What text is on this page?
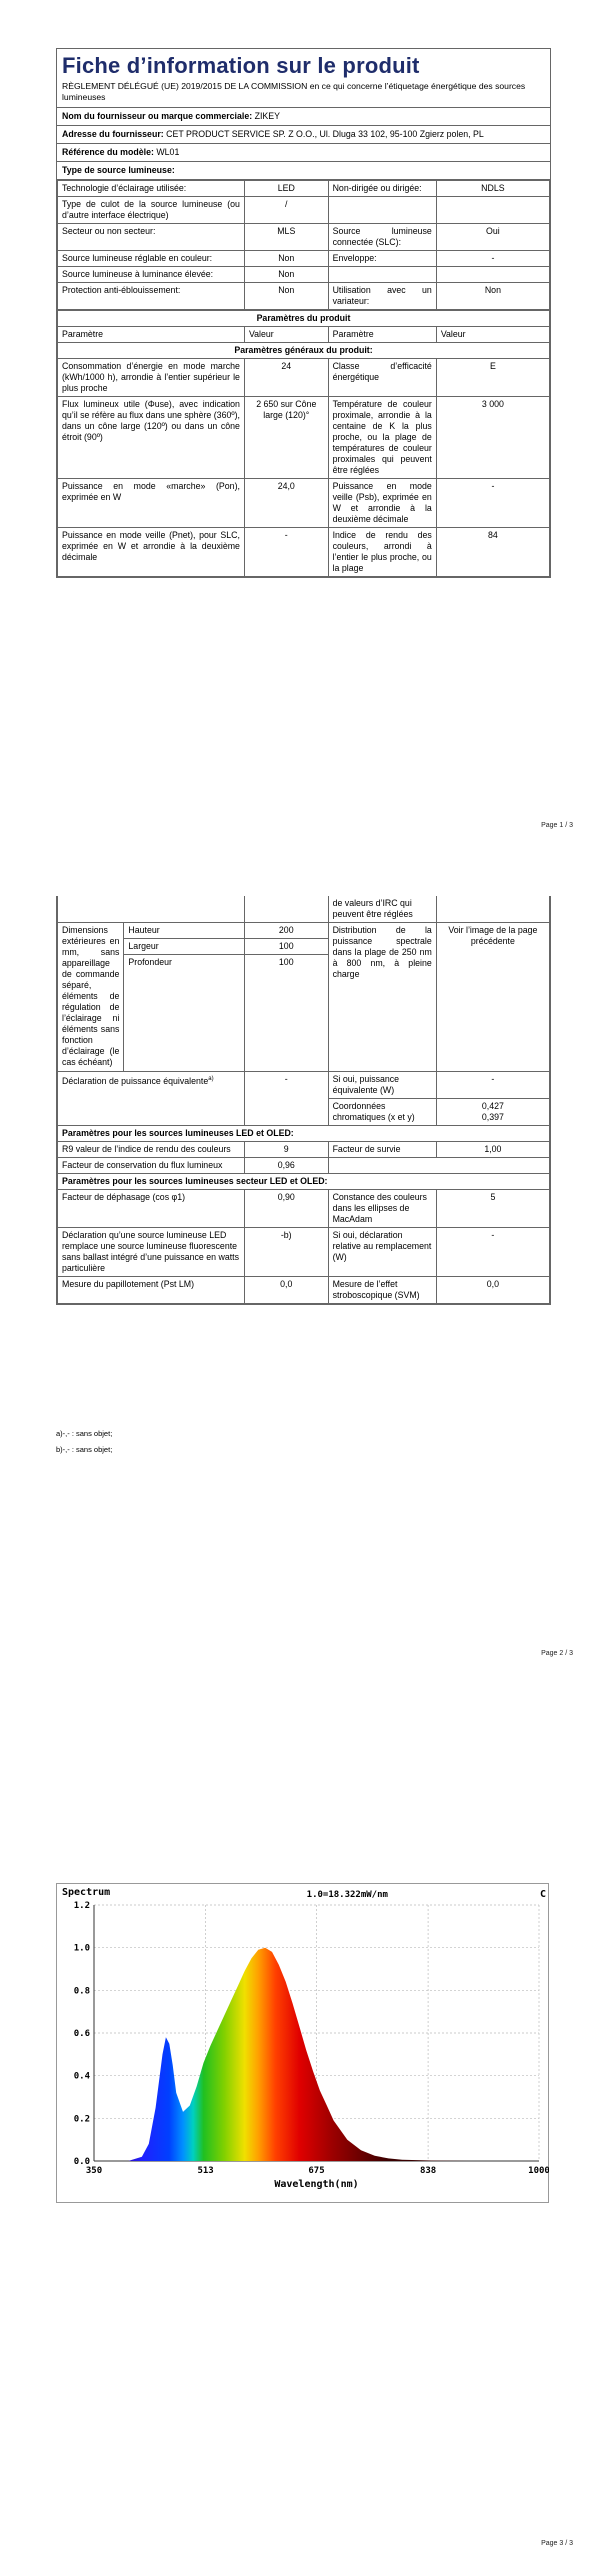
Fiche d’information sur le produit
RÈGLEMENT DÉLÉGUÉ (UE) 2019/2015 DE LA COMMISSION en ce qui concerne l’étiquetage énergétique des sources lumineuses
Nom du fournisseur ou marque commerciale: ZIKEY
Adresse du fournisseur: CET PRODUCT SERVICE SP. Z O.O., Ul. Dluga 33 102, 95-100 Zgierz polen, PL
Référence du modèle: WL01
Type de source lumineuse:
Technologie d’éclairage utilisée:	LED	Non-dirigée ou dirigée:	NDLS
Type de culot de la source lumineuse (ou d’autre interface électrique)	/		
Secteur ou non secteur:	MLS	Source lumineuse connectée (SLC):	Oui
Source lumineuse réglable en couleur:	Non	Enveloppe:	-
Source lumineuse à luminance élevée:	Non		
Protection anti-éblouissement:	Non	Utilisation avec un variateur:	Non
Paramètres du produit			
Paramètre	Valeur	Paramètre	Valeur
Paramètres généraux du produit:			
Consommation d’énergie en mode marche (kWh/1000 h), arrondie à l’entier supérieur le plus proche	24	Classe d’efficacité énergétique	E
Flux lumineux utile (Φuse), avec indication qu’il se réfère au flux dans une sphère (360º), dans un cône large (120º) ou dans un cône étroit (90º)	2 650 sur Cône large (120)°	Température de couleur proximale, arrondie à la centaine de K la plus proche, ou la plage de températures de couleur proximales qui peuvent être réglées	3 000
Puissance en mode «marche» (Pon), exprimée en W	24,0	Puissance en mode veille (Psb), exprimée en W et arrondie à la deuxième décimale	-
Puissance en mode veille (Pnet), pour SLC, exprimée en W et arrondie à la deuxième décimale	-	Indice de rendu des couleurs, arrondi à l’entier le plus proche, ou la plage	84
Page 1 / 3
			de valeurs d’IRC qui peuvent être réglées	
Dimensions extérieures en mm, sans appareillage de commande séparé, éléments de régulation de l’éclairage ni éléments sans fonction d’éclairage (le cas échéant)	Hauteur	200	Distribution de la puissance spectrale dans la plage de 250 nm à 800 nm, à pleine charge	Voir l’image de la page précédente
	Largeur	100		
	Profondeur	100		
Déclaration de puissance équivalente$^{a)}$		-	Si oui, puissance équivalente (W)	-
			Coordonnées chromatiques (x et y)	0,427
0,397

Paramètres pour les sources lumineuses LED et OLED:				
R9 valeur de l’indice de rendu des couleurs		9	Facteur de survie	1,00
Facteur de conservation du flux lumineux		0,96		
Paramètres pour les sources lumineuses secteur LED et OLED:				
Facteur de déphasage (cos φ1)		0,90	Constance des couleurs dans les ellipses de MacAdam	5
Déclaration qu’une source lumineuse LED remplace une source lumineuse fluorescente sans ballast intégré d’une puissance en watts particulière		-b)	Si oui, déclaration relative au remplacement (W)	-
Mesure du papillotement (Pst LM)		0,0	Mesure de l’effet stroboscopique (SVM)	0,0
a)-,- : sans objet;
b)-,- : sans objet;
Page 2 / 3
0.0
0.2
0.4
0.6
0.8
1.0
1.2
350	513	675	838	1000
Spectrum	1.0=18.322mW/nm	C
Wavelength(nm)
Page 3 / 3
